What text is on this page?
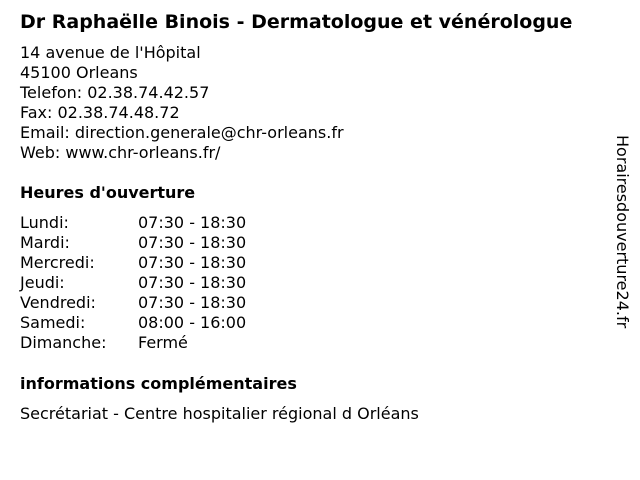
Dr Raphaëlle Binois - Dermatologue et vénérologue
14 avenue de l'Hôpital
45100 Orleans
Telefon: 02.38.74.42.57
Fax: 02.38.74.48.72
Email: direction.generale@chr-orleans.fr
Web: www.chr-orleans.fr/
Heures d'ouverture
Lundi:	07:30 - 18:30
Mardi:	07:30 - 18:30
Mercredi:	07:30 - 18:30
Jeudi:	07:30 - 18:30
Vendredi:	07:30 - 18:30
Samedi:	08:00 - 16:00
Dimanche:	Fermé
informations complémentaires
Secrétariat - Centre hospitalier régional d Orléans
Horairesdouverture24.fr
